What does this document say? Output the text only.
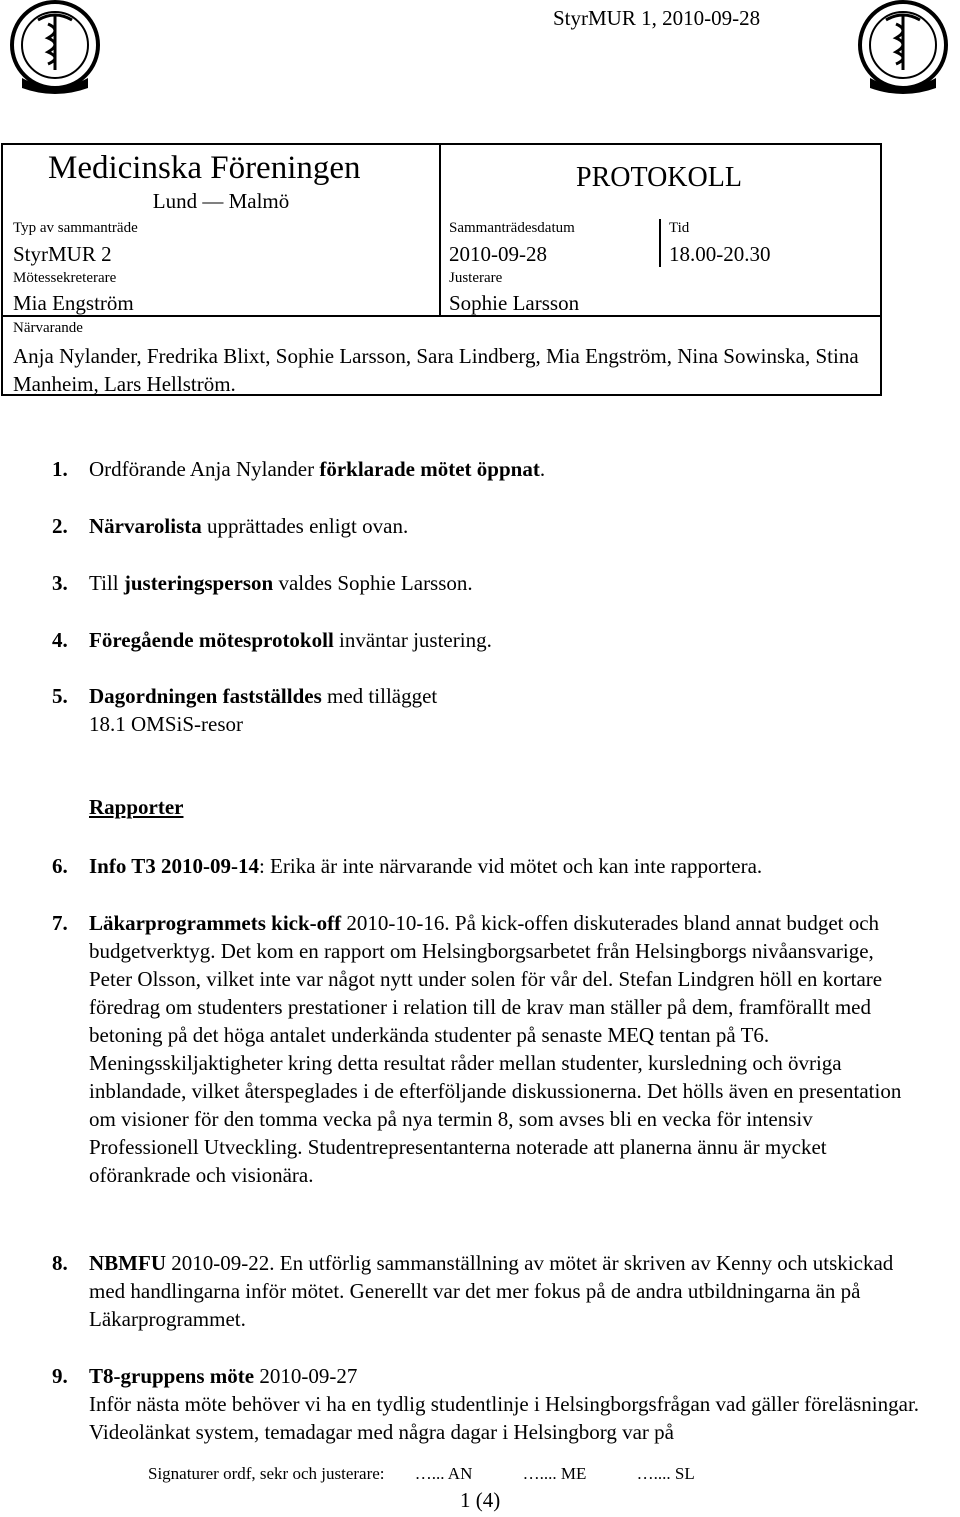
StyrMUR 1, 2010-09-28
Medicinska Föreningen
Lund — Malmö
PROTOKOLL
Typ av sammanträde
StyrMUR 2
Sammanträdesdatum
2010-09-28
Tid
18.00-20.30
Mötessekreterare
Mia Engström
Justerare
Sophie Larsson
Närvarande
Anja Nylander, Fredrika Blixt, Sophie Larsson, Sara Lindberg, Mia Engström, Nina Sowinska, Stina Manheim, Lars Hellström.
1. Ordförande Anja Nylander förklarade mötet öppnat.
2. Närvarolista upprättades enligt ovan.
3. Till justeringsperson valdes Sophie Larsson.
4. Föregående mötesprotokoll inväntar justering.
5. Dagordningen fastställdes med tillägget
18.1 OMSiS-resor
Rapporter
6. Info T3 2010-09-14: Erika är inte närvarande vid mötet och kan inte rapportera.
7. Läkarprogrammets kick-off 2010-10-16. På kick-offen diskuterades bland annat budget och budgetverktyg. Det kom en rapport om Helsingborgsarbetet från Helsingborgs nivåansvarige, Peter Olsson, vilket inte var något nytt under solen för vår del. Stefan Lindgren höll en kortare föredrag om studenters prestationer i relation till de krav man ställer på dem, framförallt med betoning på det höga antalet underkända studenter på senaste MEQ tentan på T6. Meningsskiljaktigheter kring detta resultat råder mellan studenter, kursledning och övriga inblandade, vilket återspeglades i de efterföljande diskussionerna. Det hölls även en presentation om visioner för den tomma vecka på nya termin 8, som avses bli en vecka för intensiv Professionell Utveckling. Studentrepresentanterna noterade att planerna ännu är mycket oförankrade och visionära.
8. NBMFU 2010-09-22. En utförlig sammanställning av mötet är skriven av Kenny och utskickad med handlingarna inför mötet. Generellt var det mer fokus på de andra utbildningarna än på Läkarprogrammet.
9. T8-gruppens möte 2010-09-27
Inför nästa möte behöver vi ha en tydlig studentlinje i Helsingborgsfrågan vad gäller föreläsningar. Videolänkat system, temadagar med några dagar i Helsingborg var på
Signaturer ordf, sekr och justerare: …... AN	….... ME	….... SL
1 (4)
